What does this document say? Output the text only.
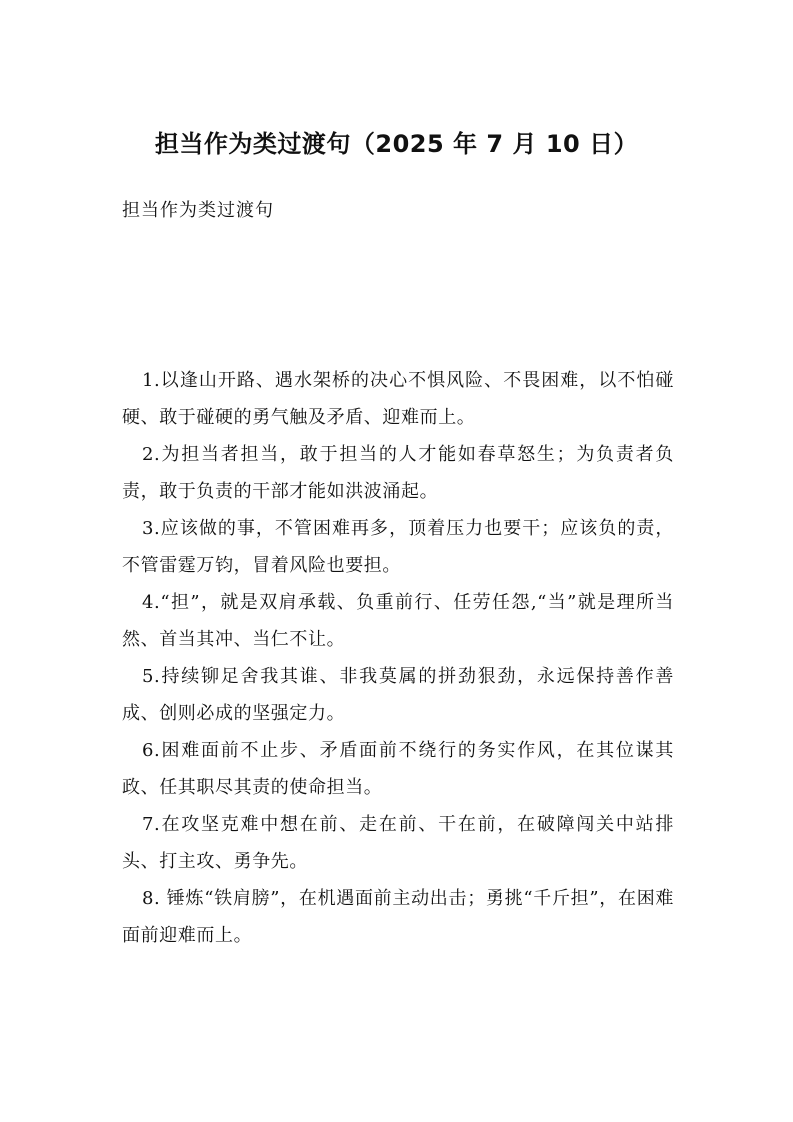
担当作为类过渡句（2025 年 7 月 10 日）

担当作为类过渡句

1.以逢山开路、遇水架桥的决心不惧风险、不畏困难，以不怕碰硬、敢于碰硬的勇气触及矛盾、迎难而上。

2.为担当者担当，敢于担当的人才能如春草怒生；为负责者负责，敢于负责的干部才能如洪波涌起。

3.应该做的事，不管困难再多，顶着压力也要干；应该负的责，不管雷霆万钧，冒着风险也要担。

4.“担”，就是双肩承载、负重前行、任劳任怨,“当”就是理所当然、首当其冲、当仁不让。

5.持续铆足舍我其谁、非我莫属的拼劲狠劲，永远保持善作善成、创则必成的坚强定力。

6.困难面前不止步、矛盾面前不绕行的务实作风，在其位谋其政、任其职尽其责的使命担当。

7.在攻坚克难中想在前、走在前、干在前，在破障闯关中站排头、打主攻、勇争先。

8. 锤炼“铁肩膀”，在机遇面前主动出击；勇挑“千斤担”，在困难面前迎难而上。
